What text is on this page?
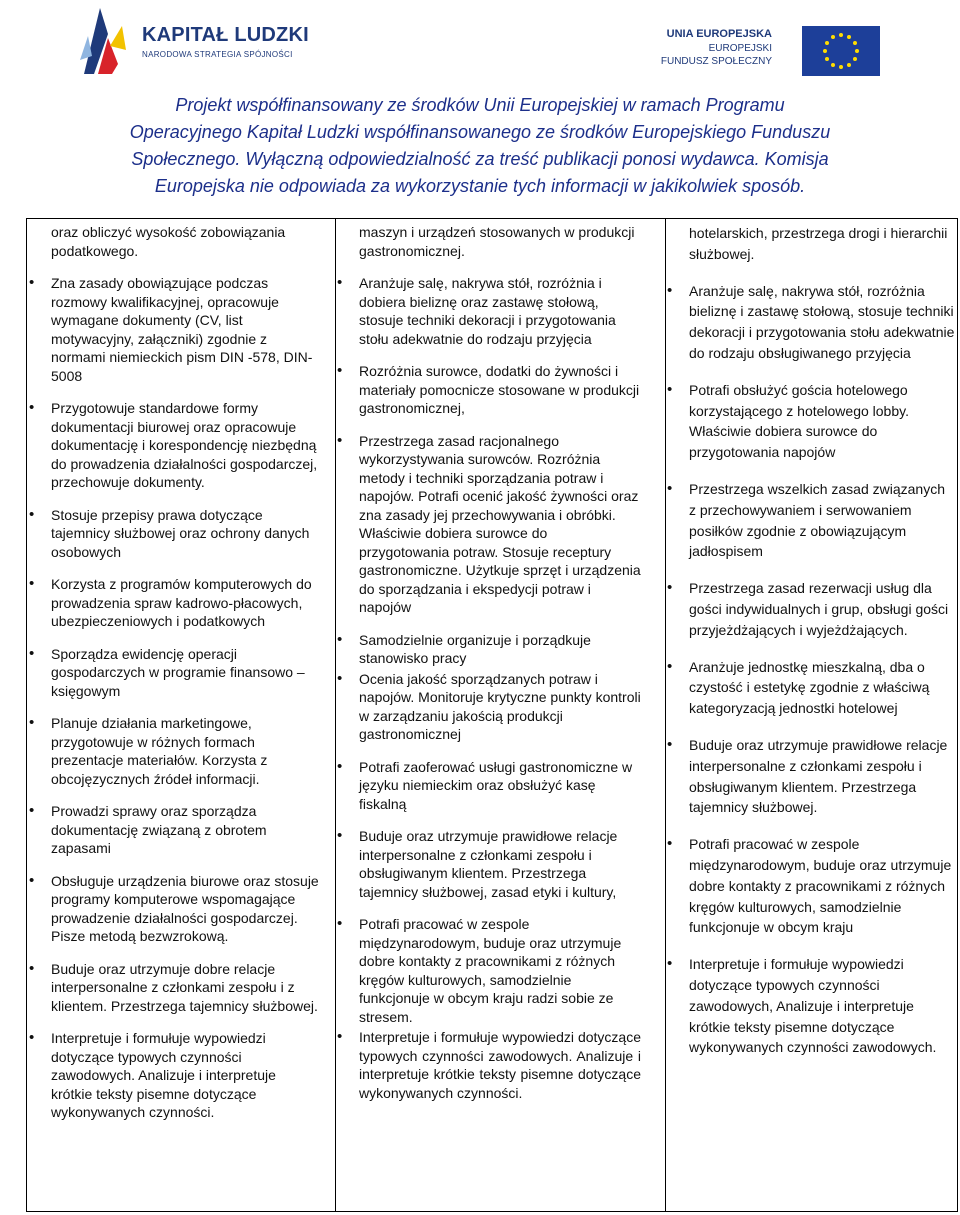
KAPITAŁ LUDZKI
NARODOWA STRATEGIA SPÓJNOŚCI
UNIA EUROPEJSKA
EUROPEJSKI
FUNDUSZ SPOŁECZNY
Projekt współfinansowany ze środków Unii Europejskiej w ramach Programu
Operacyjnego Kapitał Ludzki współfinansowanego ze środków Europejskiego Funduszu
Społecznego. Wyłączną odpowiedzialność za treść publikacji ponosi wydawca. Komisja
Europejska nie odpowiada za wykorzystanie tych informacji w jakikolwiek sposób.

oraz obliczyć wysokość zobowiązania podatkowego.

• Zna zasady obowiązujące podczas rozmowy kwalifikacyjnej, opracowuje wymagane dokumenty (CV, list motywacyjny, załączniki) zgodnie z normami niemieckich pism DIN -578, DIN-5008
• Przygotowuje standardowe formy dokumentacji biurowej oraz opracowuje dokumentację i korespondencję niezbędną do prowadzenia działalności gospodarczej, przechowuje dokumenty.
• Stosuje przepisy prawa dotyczące tajemnicy służbowej oraz ochrony danych osobowych
• Korzysta z programów komputerowych do prowadzenia spraw kadrowo-płacowych, ubezpieczeniowych i podatkowych
• Sporządza ewidencję operacji gospodarczych w programie finansowo – księgowym
• Planuje działania marketingowe, przygotowuje w różnych formach prezentacje materiałów. Korzysta z obcojęzycznych źródeł informacji.
• Prowadzi sprawy oraz sporządza dokumentację związaną z obrotem zapasami
• Obsługuje urządzenia biurowe oraz stosuje programy komputerowe wspomagające prowadzenie działalności gospodarczej. Pisze metodą bezwzrokową.
• Buduje oraz utrzymuje dobre relacje interpersonalne z członkami zespołu i z klientem. Przestrzega tajemnicy służbowej.
• Interpretuje i formułuje wypowiedzi dotyczące typowych czynności zawodowych. Analizuje i interpretuje krótkie teksty pisemne dotyczące wykonywanych czynności.

maszyn i urządzeń stosowanych w produkcji gastronomicznej.

• Aranżuje salę, nakrywa stół, rozróżnia i dobiera bieliznę oraz zastawę stołową, stosuje techniki dekoracji i przygotowania stołu adekwatnie do rodzaju przyjęcia
• Rozróżnia surowce, dodatki do żywności i materiały pomocnicze stosowane w produkcji gastronomicznej,
• Przestrzega zasad racjonalnego wykorzystywania surowców. Rozróżnia metody i techniki sporządzania potraw i napojów. Potrafi ocenić jakość żywności oraz zna zasady jej przechowywania i obróbki. Właściwie dobiera surowce do przygotowania potraw. Stosuje receptury gastronomiczne. Użytkuje sprzęt i urządzenia do sporządzania i ekspedycji potraw i napojów
• Samodzielnie organizuje i porządkuje stanowisko pracy
• Ocenia jakość sporządzanych potraw i napojów. Monitoruje krytyczne punkty kontroli w zarządzaniu jakością produkcji gastronomicznej
• Potrafi zaoferować usługi gastronomiczne w języku niemieckim oraz obsłużyć kasę fiskalną
• Buduje oraz utrzymuje prawidłowe relacje interpersonalne z członkami zespołu i obsługiwanym klientem. Przestrzega tajemnicy służbowej, zasad etyki i kultury,
• Potrafi pracować w zespole międzynarodowym, buduje oraz utrzymuje dobre kontakty z pracownikami z różnych kręgów kulturowych, samodzielnie funkcjonuje w obcym kraju radzi sobie ze stresem.
• Interpretuje i formułuje wypowiedzi dotyczące typowych czynności zawodowych. Analizuje i interpretuje krótkie teksty pisemne dotyczące wykonywanych czynności.

hotelarskich, przestrzega drogi i hierarchii służbowej.

• Aranżuje salę, nakrywa stół, rozróżnia bieliznę i zastawę stołową, stosuje techniki dekoracji i przygotowania stołu adekwatnie do rodzaju obsługiwanego przyjęcia
• Potrafi obsłużyć gościa hotelowego korzystającego z hotelowego lobby. Właściwie dobiera surowce do przygotowania napojów
• Przestrzega wszelkich zasad związanych z przechowywaniem i serwowaniem posiłków zgodnie z obowiązującym jadłospisem
• Przestrzega zasad rezerwacji usług dla gości indywidualnych i grup, obsługi gości przyjeżdżających i wyjeżdżających.
• Aranżuje jednostkę mieszkalną, dba o czystość i estetykę zgodnie z właściwą kategoryzacją jednostki hotelowej
• Buduje oraz utrzymuje prawidłowe relacje interpersonalne z członkami zespołu i obsługiwanym klientem. Przestrzega tajemnicy służbowej.
• Potrafi pracować w zespole międzynarodowym, buduje oraz utrzymuje dobre kontakty z pracownikami z różnych kręgów kulturowych, samodzielnie funkcjonuje w obcym kraju
• Interpretuje i formułuje wypowiedzi dotyczące typowych czynności zawodowych, Analizuje i interpretuje krótkie teksty pisemne dotyczące wykonywanych czynności zawodowych.
